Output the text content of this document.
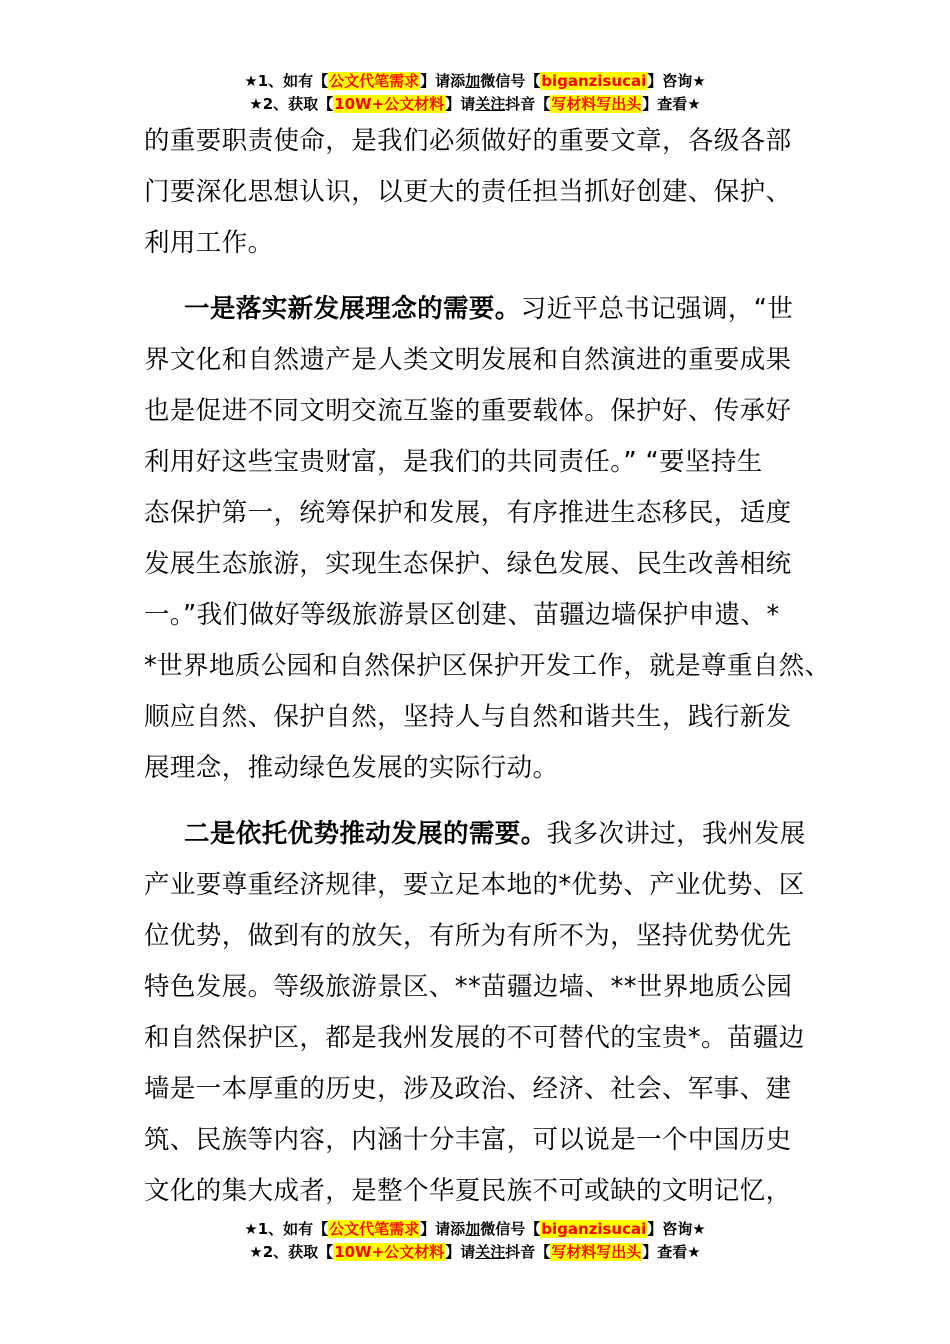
★1、如有【公文代笔需求】请添加微信号【biganzisucai】咨询★
★2、获取【10W+公文材料】请关注抖音【写材料写出头】查看★
的重要职责使命，是我们必须做好的重要文章，各级各部
门要深化思想认识，以更大的责任担当抓好创建、保护、
利用工作。
一是落实新发展理念的需要。习近平总书记强调，“世
界文化和自然遗产是人类文明发展和自然演进的重要成果
也是促进不同文明交流互鉴的重要载体。保护好、传承好
利用好这些宝贵财富，是我们的共同责任。” “要坚持生
态保护第一，统筹保护和发展，有序推进生态移民，适度
发展生态旅游，实现生态保护、绿色发展、民生改善相统
一。”我们做好等级旅游景区创建、苗疆边墙保护申遗、*
*世界地质公园和自然保护区保护开发工作，就是尊重自然、
顺应自然、保护自然，坚持人与自然和谐共生，践行新发
展理念，推动绿色发展的实际行动。
二是依托优势推动发展的需要。我多次讲过，我州发展
产业要尊重经济规律，要立足本地的*优势、产业优势、区
位优势，做到有的放矢，有所为有所不为，坚持优势优先
特色发展。等级旅游景区、**苗疆边墙、**世界地质公园
和自然保护区，都是我州发展的不可替代的宝贵*。苗疆边
墙是一本厚重的历史，涉及政治、经济、社会、军事、建
筑、民族等内容，内涵十分丰富，可以说是一个中国历史
文化的集大成者，是整个华夏民族不可或缺的文明记忆，
★1、如有【公文代笔需求】请添加微信号【biganzisucai】咨询★
★2、获取【10W+公文材料】请关注抖音【写材料写出头】查看★
